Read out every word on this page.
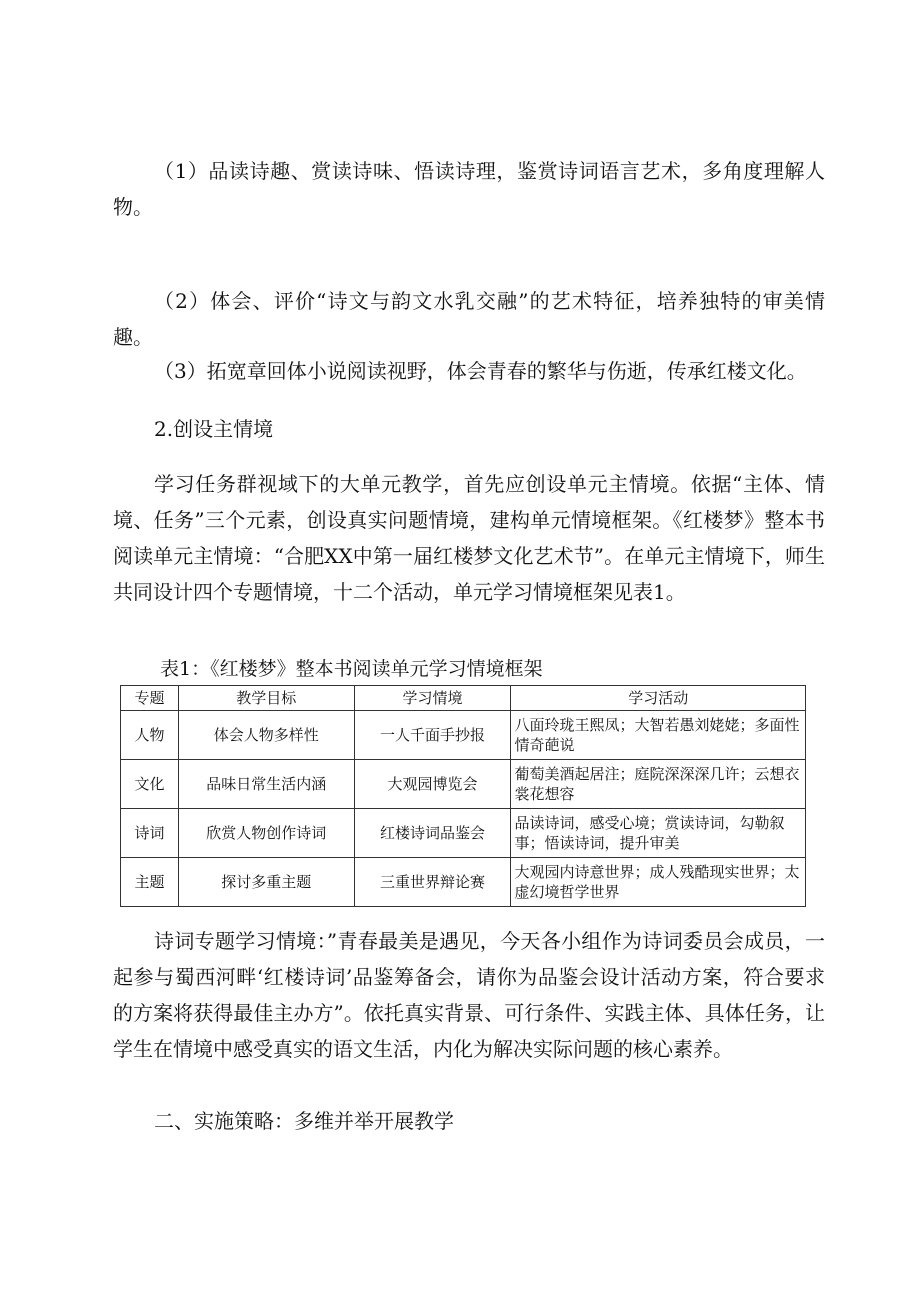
（1）品读诗趣、赏读诗味、悟读诗理，鉴赏诗词语言艺术，多角度理解人物。

（2）体会、评价“诗文与韵文水乳交融”的艺术特征，培养独特的审美情趣。

（3）拓宽章回体小说阅读视野，体会青春的繁华与伤逝，传承红楼文化。

2.创设主情境

学习任务群视域下的大单元教学，首先应创设单元主情境。依据“主体、情境、任务”三个元素，创设真实问题情境，建构单元情境框架。《红楼梦》整本书阅读单元主情境：“合肥XX中第一届红楼梦文化艺术节”。在单元主情境下，师生共同设计四个专题情境，十二个活动，单元学习情境框架见表1。

表1：《红楼梦》整本书阅读单元学习情境框架

专题	教学目标	学习情境	学习活动
人物	体会人物多样性	一人千面手抄报	八面玲珑王熙凤；大智若愚刘姥姥；多面性情奇葩说
文化	品味日常生活内涵	大观园博览会	葡萄美酒起居注；庭院深深深几许；云想衣裳花想容
诗词	欣赏人物创作诗词	红楼诗词品鉴会	品读诗词，感受心境；赏读诗词，勾勒叙事；悟读诗词，提升审美
主题	探讨多重主题	三重世界辩论赛	大观园内诗意世界；成人残酷现实世界；太虚幻境哲学世界

诗词专题学习情境：”青春最美是遇见，今天各小组作为诗词委员会成员，一起参与蜀西河畔‘红楼诗词’品鉴筹备会，请你为品鉴会设计活动方案，符合要求的方案将获得最佳主办方”。依托真实背景、可行条件、实践主体、具体任务，让学生在情境中感受真实的语文生活，内化为解决实际问题的核心素养。

二、实施策略：多维并举开展教学
